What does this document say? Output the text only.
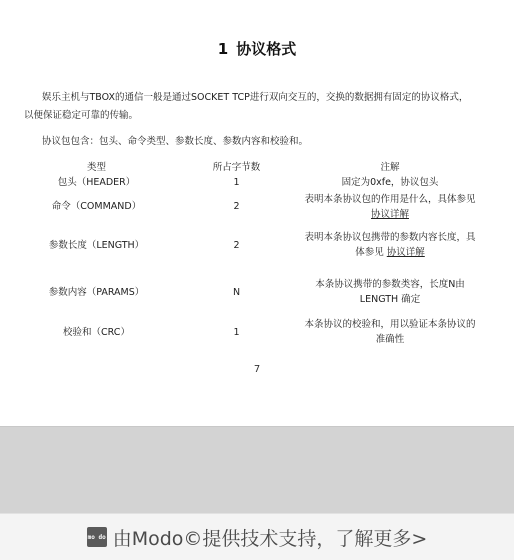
1 协议格式
娱乐主机与TBOX的通信一般是通过SOCKET TCP进行双向交互的，交换的数据拥有固定的协议格式，以便保证稳定可靠的传输。
协议包包含：包头、命令类型、参数长度、参数内容和校验和。
类型	所占字节数	注解
包头（HEADER）	1	固定为0xfe，协议包头
命令（COMMAND）	2	表明本条协议包的作用是什么，具体参见 协议详解
参数长度（LENGTH）	2	表明本条协议包携带的参数内容长度，具体参见 协议详解
参数内容（PARAMS）	N	本条协议携带的参数类容，长度N由LENGTH 确定
校验和（CRC）	1	本条协议的校验和，用以验证本条协议的准确性
7
mo do 由Modo©提供技术支持，了解更多>
